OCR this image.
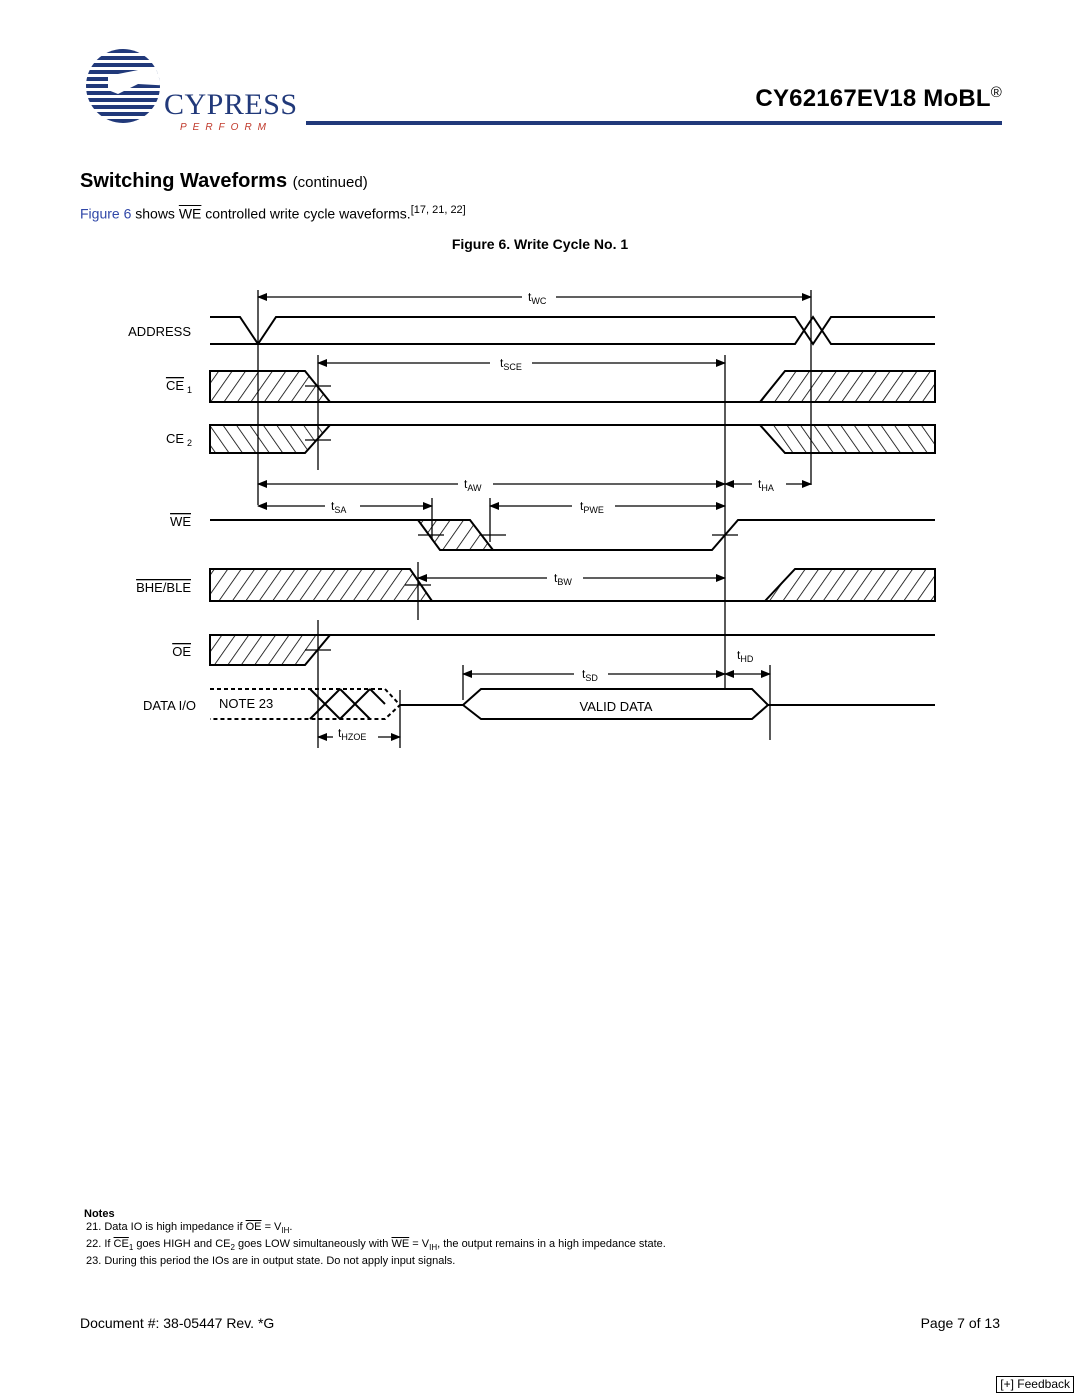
CYPRESS
PERFORM
CY62167EV18 MoBL®
Switching Waveforms (continued)
Figure 6 shows $\overline{WE}$ controlled write cycle waveforms.[17, 21, 22]
Figure 6. Write Cycle No. 1
ADDRESS
CE 1
CE 2
WE
BHE/BLE
OE
DATA I/O
$t_{WC}$
$t_{SCE}$
$t_{AW}$	$t_{HA}$
$t_{SA}$	$t_{PWE}$
$t_{BW}$
$t_{HD}$
$t_{SD}$
$t_{HZOE}$
NOTE 23	VALID DATA
Notes
21. Data IO is high impedance if $\overline{OE} = V_{IH}$.
22. If $\overline{CE}_1$ goes HIGH and $CE_2$ goes LOW simultaneously with $\overline{WE} = V_{IH}$, the output remains in a high impedance state.
23. During this period the IOs are in output state. Do not apply input signals.
Document #: 38-05447 Rev. *G	Page 7 of 13
[+] Feedback
